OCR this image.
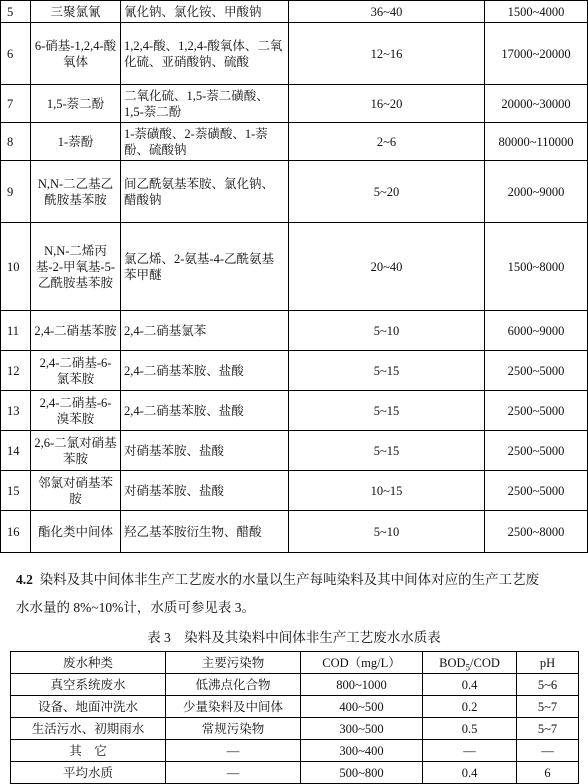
5	三聚氯氰	氰化钠、氯化铵、甲酸钠	36~40	1500~4000
6	6-硝基-1,2,4-酸氧体	1,2,4-酸、1,2,4-酸氧体、二氧化硫、亚硝酸钠、硫酸	12~16	17000~20000
7	1,5-萘二酚	二氧化硫、1,5-萘二磺酸、1,5-萘二酚	16~20	20000~30000
8	1-萘酚	1-萘磺酸、2-萘磺酸、1-萘酚、硫酸钠	2~6	80000~110000
9	N,N-二乙基乙酰胺基苯胺	间乙酰氨基苯胺、氯化钠、醋酸钠	5~20	2000~9000
10	N,N-二烯丙基-2-甲氧基-5-乙酰胺基苯胺	氯乙烯、2-氨基-4-乙酰氨基苯甲醚	20~40	1500~8000
11	2,4-二硝基苯胺	2,4-二硝基氯苯	5~10	6000~9000
12	2,4-二硝基-6-氯苯胺	2,4-二硝基苯胺、盐酸	5~15	2500~5000
13	2,4-二硝基-6-溴苯胺	2,4-二硝基苯胺、盐酸	5~15	2500~5000
14	2,6-二氯对硝基苯胺	对硝基苯胺、盐酸	5~15	2500~5000
15	邻氯对硝基苯胺	对硝基苯胺、盐酸	10~15	2500~5000
16	酯化类中间体	羟乙基苯胺衍生物、醋酸	5~10	2500~8000

4.2 染料及其中间体非生产工艺废水的水量以生产每吨染料及其中间体对应的生产工艺废

水水量的 8%~10%计，水质可参见表 3。

表 3　染料及其染料中间体非生产工艺废水水质表
废水种类	主要污染物	COD（mg/L）	$BOD_5$/COD	pH
真空系统废水	低沸点化合物	800~1000	0.4	5~6
设备、地面冲洗水	少量染料及中间体	400~500	0.2	5~7
生活污水、初期雨水	常规污染物	300~500	0.5	5~7
其　它	—	300~400	—	—
平均水质	—	500~800	0.4	6
